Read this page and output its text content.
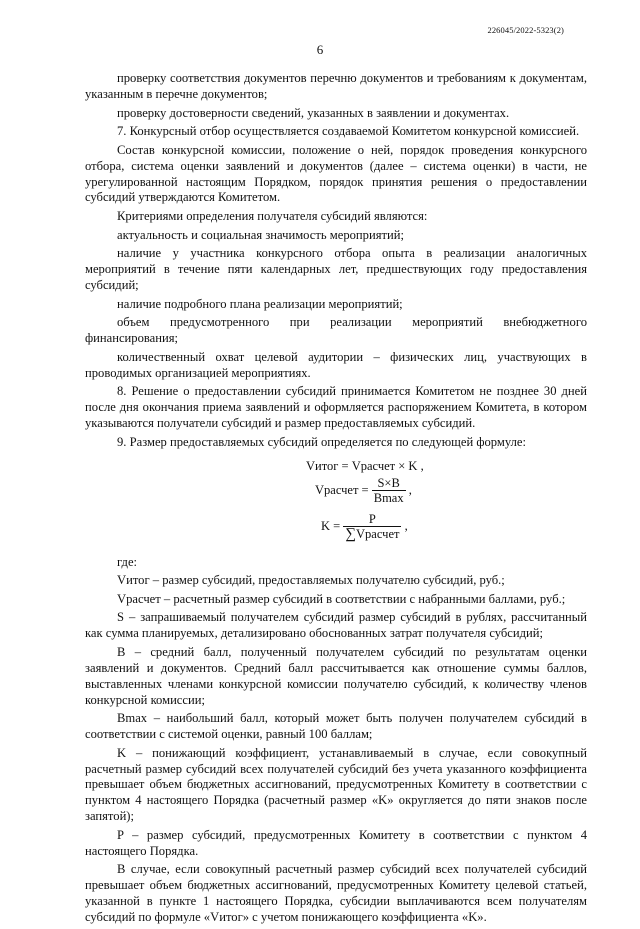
226045/2022-5323(2)
6

проверку соответствия документов перечню документов и требованиям к документам, указанным в перечне документов;

проверку достоверности сведений, указанных в заявлении и документах.

7. Конкурсный отбор осуществляется создаваемой Комитетом конкурсной комиссией.

Состав конкурсной комиссии, положение о ней, порядок проведения конкурсного отбора, система оценки заявлений и документов (далее – система оценки) в части, не урегулированной настоящим Порядком, порядок принятия решения о предоставлении субсидий утверждаются Комитетом.

Критериями определения получателя субсидий являются:

актуальность и социальная значимость мероприятий;

наличие у участника конкурсного отбора опыта в реализации аналогичных мероприятий в течение пяти календарных лет, предшествующих году предоставления субсидий;

наличие подробного плана реализации мероприятий;

объем предусмотренного при реализации мероприятий внебюджетного финансирования;

количественный охват целевой аудитории – физических лиц, участвующих в проводимых организацией мероприятиях.

8. Решение о предоставлении субсидий принимается Комитетом не позднее 30 дней после дня окончания приема заявлений и оформляется распоряжением Комитета, в котором указываются получатели субсидий и размер предоставляемых субсидий.

9. Размер предоставляемых субсидий определяется по следующей формуле:

Vитог = Vрасчет × K ,
Vрасчет = $\frac{S\times B}{Bmax}$ ,
$K = \frac{P}{\text{∑Vрасчет}}$ ,

где:

Vитог – размер субсидий, предоставляемых получателю субсидий, руб.;

Vрасчет – расчетный размер субсидий в соответствии с набранными баллами, руб.;

S – запрашиваемый получателем субсидий размер субсидий в рублях, рассчитанный как сумма планируемых, детализировано обоснованных затрат получателя субсидий;

B – средний балл, полученный получателем субсидий по результатам оценки заявлений и документов. Средний балл рассчитывается как отношение суммы баллов, выставленных членами конкурсной комиссии получателю субсидий, к количеству членов конкурсной комиссии;

Bmax – наибольший балл, который может быть получен получателем субсидий в соответствии с системой оценки, равный 100 баллам;

K – понижающий коэффициент, устанавливаемый в случае, если совокупный расчетный размер субсидий всех получателей субсидий без учета указанного коэффициента превышает объем бюджетных ассигнований, предусмотренных Комитету в соответствии с пунктом 4 настоящего Порядка (расчетный размер «K» округляется до пяти знаков после запятой);

P – размер субсидий, предусмотренных Комитету в соответствии с пунктом 4 настоящего Порядка.

В случае, если совокупный расчетный размер субсидий всех получателей субсидий превышает объем бюджетных ассигнований, предусмотренных Комитету целевой статьей, указанной в пункте 1 настоящего Порядка, субсидии выплачиваются всем получателям субсидий по формуле «Vитог» с учетом понижающего коэффициента «K».
